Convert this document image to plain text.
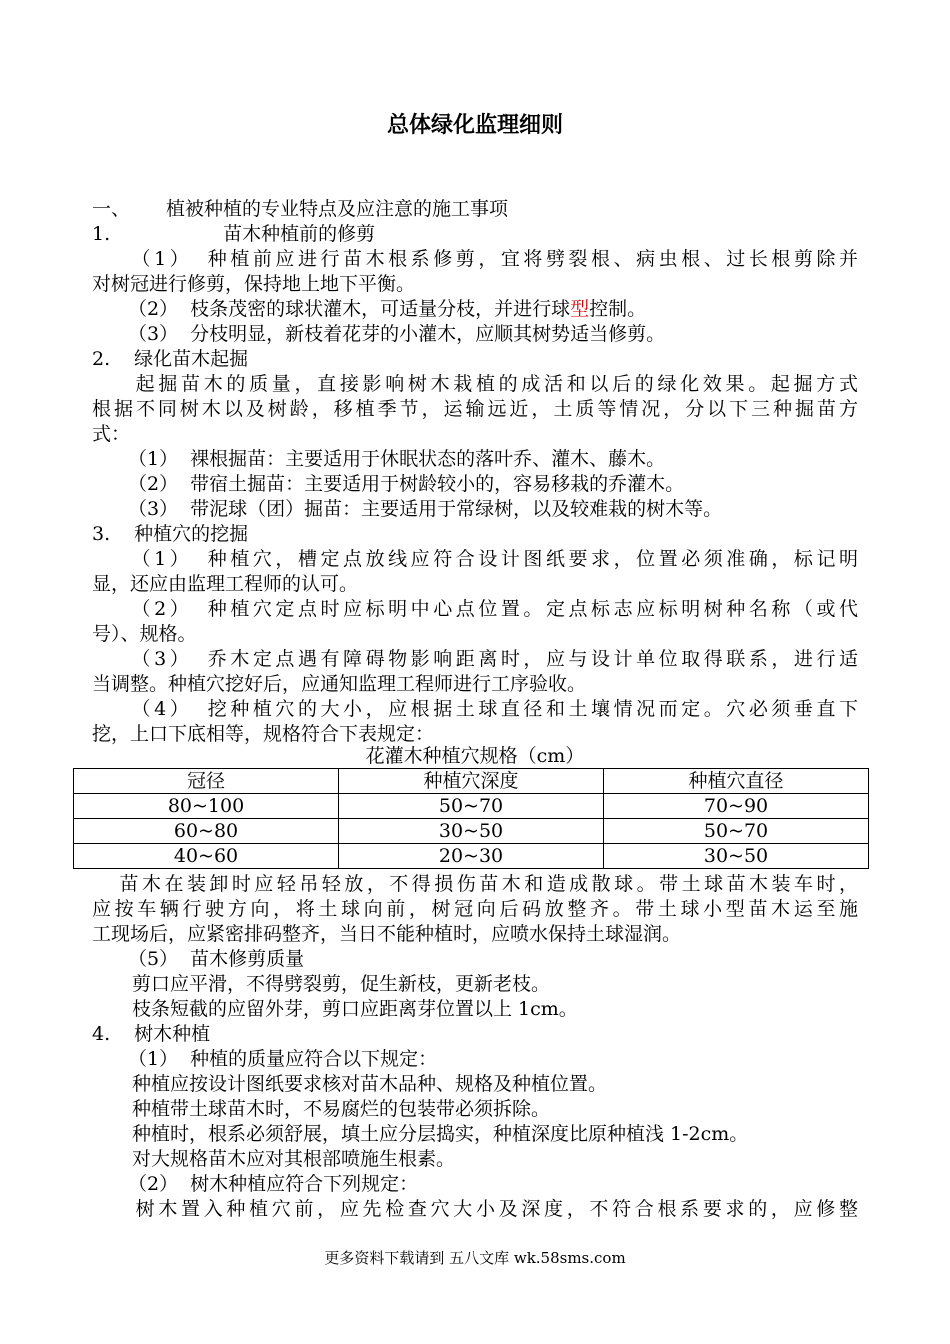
总体绿化监理细则
一、 植被种植的专业特点及应注意的施工事项
1.	苗木种植前的修剪
（1） 种植前应进行苗木根系修剪，宜将劈裂根、病虫根、过长根剪除并
对树冠进行修剪，保持地上地下平衡。
（2） 枝条茂密的球状灌木，可适量分枝，并进行球型控制。
（3） 分枝明显，新枝着花芽的小灌木，应顺其树势适当修剪。
2. 绿化苗木起掘
起掘苗木的质量，直接影响树木栽植的成活和以后的绿化效果。起掘方式
根据不同树木以及树龄，移植季节，运输远近，土质等情况，分以下三种掘苗方
式：
（1） 裸根掘苗：主要适用于休眠状态的落叶乔、灌木、藤木。
（2） 带宿土掘苗：主要适用于树龄较小的，容易移栽的乔灌木。
（3） 带泥球（团）掘苗：主要适用于常绿树，以及较难栽的树木等。
3. 种植穴的挖掘
（1） 种植穴，槽定点放线应符合设计图纸要求，位置必须准确，标记明
显，还应由监理工程师的认可。
（2） 种植穴定点时应标明中心点位置。定点标志应标明树种名称（或代
号）、规格。
（3） 乔木定点遇有障碍物影响距离时，应与设计单位取得联系，进行适
当调整。种植穴挖好后，应通知监理工程师进行工序验收。
（4） 挖种植穴的大小，应根据土球直径和土壤情况而定。穴必须垂直下
挖，上口下底相等，规格符合下表规定：
花灌木种植穴规格（cm）
冠径	种植穴深度	种植穴直径
80~100	50~70	70~90
60~80	30~50	50~70
40~60	20~30	30~50
苗木在装卸时应轻吊轻放，不得损伤苗木和造成散球。带土球苗木装车时，
应按车辆行驶方向，将土球向前，树冠向后码放整齐。带土球小型苗木运至施
工现场后，应紧密排码整齐，当日不能种植时，应喷水保持土球湿润。
（5） 苗木修剪质量
剪口应平滑，不得劈裂剪，促生新枝，更新老枝。
枝条短截的应留外芽，剪口应距离芽位置以上 1cm。
4. 树木种植
（1） 种植的质量应符合以下规定：
种植应按设计图纸要求核对苗木品种、规格及种植位置。
种植带土球苗木时，不易腐烂的包装带必须拆除。
种植时，根系必须舒展，填土应分层捣实，种植深度比原种植浅 1-2cm。
对大规格苗木应对其根部喷施生根素。
（2） 树木种植应符合下列规定：
树木置入种植穴前，应先检查穴大小及深度，不符合根系要求的，应修整
更多资料下载请到 五八文库 wk.58sms.com
